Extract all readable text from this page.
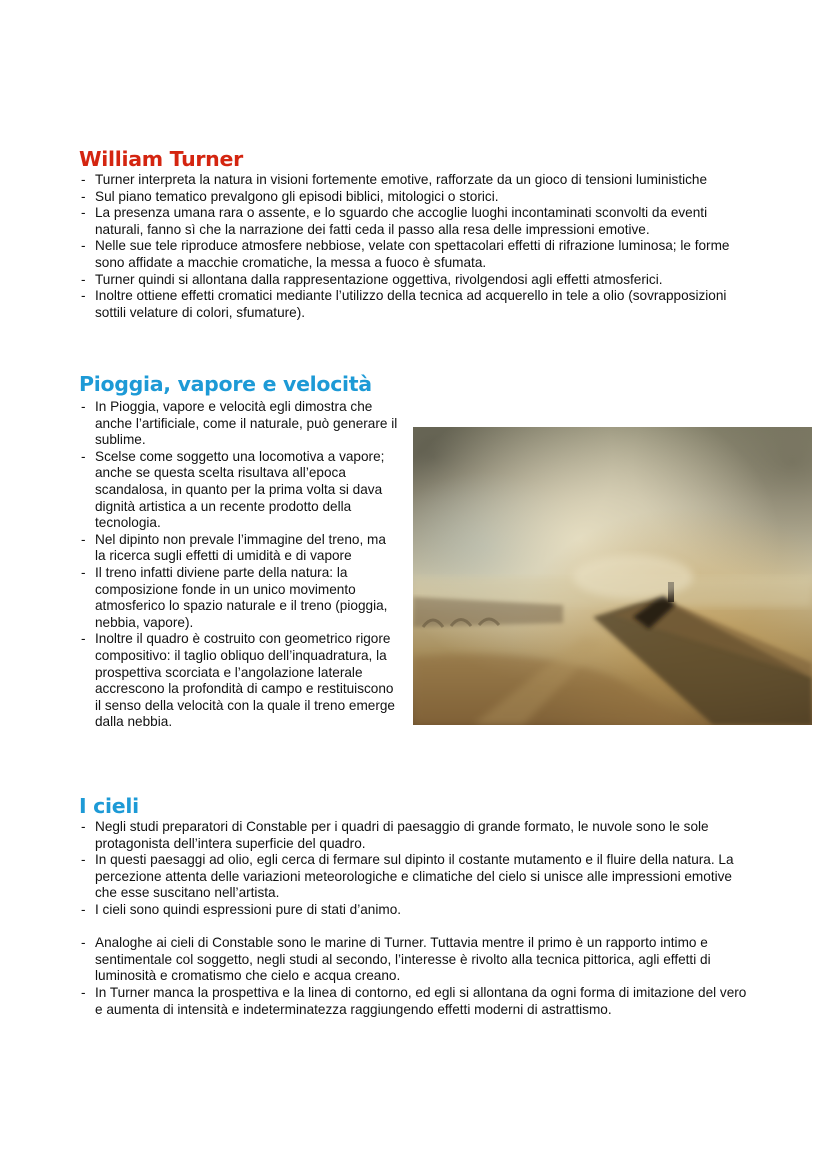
William Turner
- Turner interpreta la natura in visioni fortemente emotive, rafforzate da un gioco di tensioni luministiche
- Sul piano tematico prevalgono gli episodi biblici, mitologici o storici.
- La presenza umana rara o assente, e lo sguardo che accoglie luoghi incontaminati sconvolti da eventi naturali, fanno sì che la narrazione dei fatti ceda il passo alla resa delle impressioni emotive.
- Nelle sue tele riproduce atmosfere nebbiose, velate con spettacolari effetti di rifrazione luminosa; le forme sono affidate a macchie cromatiche, la messa a fuoco è sfumata.
- Turner quindi si allontana dalla rappresentazione oggettiva, rivolgendosi agli effetti atmosferici.
- Inoltre ottiene effetti cromatici mediante l’utilizzo della tecnica ad acquerello in tele a olio (sovrapposizioni sottili velature di colori, sfumature).
Pioggia, vapore e velocità
- In Pioggia, vapore e velocità egli dimostra che anche l’artificiale, come il naturale, può generare il sublime.
- Scelse come soggetto una locomotiva a vapore; anche se questa scelta risultava all’epoca scandalosa, in quanto per la prima volta si dava dignità artistica a un recente prodotto della tecnologia.
- Nel dipinto non prevale l’immagine del treno, ma la ricerca sugli effetti di umidità e di vapore
- Il treno infatti diviene parte della natura: la composizione fonde in un unico movimento atmosferico lo spazio naturale e il treno (pioggia, nebbia, vapore).
- Inoltre il quadro è costruito con geometrico rigore compositivo: il taglio obliquo dell’inquadratura, la prospettiva scorciata e l’angolazione laterale accrescono la profondità di campo e restituiscono il senso della velocità con la quale il treno emerge dalla nebbia.
I cieli
- Negli studi preparatori di Constable per i quadri di paesaggio di grande formato, le nuvole sono le sole protagonista dell’intera superficie del quadro.
- In questi paesaggi ad olio, egli cerca di fermare sul dipinto il costante mutamento e il fluire della natura. La percezione attenta delle variazioni meteorologiche e climatiche del cielo si unisce alle impressioni emotive che esse suscitano nell’artista.
- I cieli sono quindi espressioni pure di stati d’animo.
- Analoghe ai cieli di Constable sono le marine di Turner. Tuttavia mentre il primo è un rapporto intimo e sentimentale col soggetto, negli studi al secondo, l’interesse è rivolto alla tecnica pittorica, agli effetti di luminosità e cromatismo che cielo e acqua creano.
- In Turner manca la prospettiva e la linea di contorno, ed egli si allontana da ogni forma di imitazione del vero e aumenta di intensità e indeterminatezza raggiungendo effetti moderni di astrattismo.
